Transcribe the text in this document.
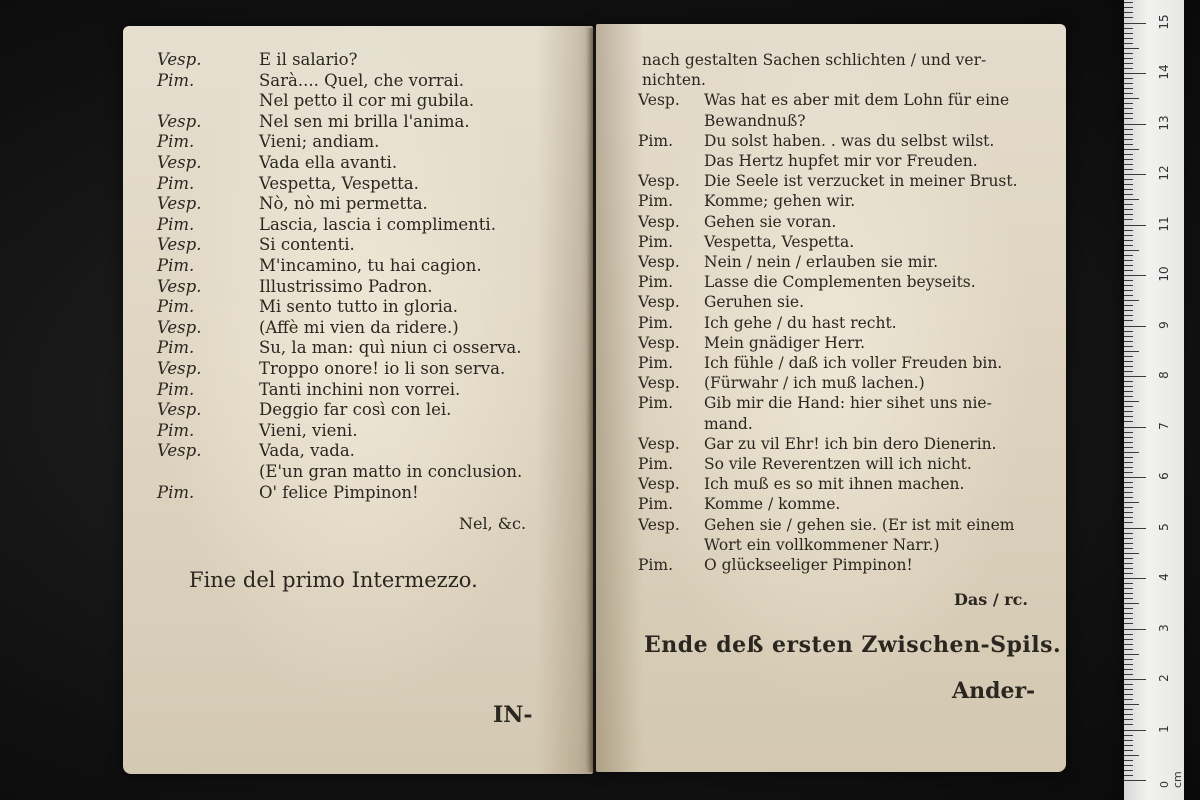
Vesp.	E il salario?
Pim.	Sarà.... Quel, che vorrai.
Nel petto il cor mi gubila.
Vesp.	Nel sen mi brilla l'anima.
Pim.	Vieni; andiam.
Vesp.	Vada ella avanti.
Pim.	Vespetta, Vespetta.
Vesp.	Nò, nò mi permetta.
Pim.	Lascia, lascia i complimenti.
Vesp.	Si contenti.
Pim.	M'incamino, tu hai cagion.
Vesp.	Illustrissimo Padron.
Pim.	Mi sento tutto in gloria.
Vesp.	(Affè mi vien da ridere.)
Pim.	Su, la man: quì niun ci osserva.
Vesp.	Troppo onore! io li son serva.
Pim.	Tanti inchini non vorrei.
Vesp.	Deggio far così con lei.
Pim.	Vieni, vieni.
Vesp.	Vada, vada.
(E'un gran matto in conclusion.
Pim.	O' felice Pimpinon!
Nel, &c.
Fine del primo Intermezzo.
IN-
nach gestalten Sachen schlichten / und ver-
nichten.
Vesp. Was hat es aber mit dem Lohn für eine
Bewandnuß?
Pim. Du solst haben. . was du selbst wilst.
Das Hertz hupfet mir vor Freuden.
Vesp. Die Seele ist verzucket in meiner Brust.
Pim. Komme; gehen wir.
Vesp. Gehen sie voran.
Pim. Vespetta, Vespetta.
Vesp. Nein / nein / erlauben sie mir.
Pim. Lasse die Complementen beyseits.
Vesp. Geruhen sie.
Pim. Ich gehe / du hast recht.
Vesp. Mein gnädiger Herr.
Pim. Ich fühle / daß ich voller Freuden bin.
Vesp. (Fürwahr / ich muß lachen.)
Pim. Gib mir die Hand: hier sihet uns nie-
mand.
Vesp. Gar zu vil Ehr! ich bin dero Dienerin.
Pim. So vile Reverentzen will ich nicht.
Vesp. Ich muß es so mit ihnen machen.
Pim. Komme / komme.
Vesp. Gehen sie / gehen sie. (Er ist mit einem
Wort ein vollkommener Narr.)
Pim. O glückseeliger Pimpinon!
Das / rc.
Ende deß ersten Zwischen-Spils.
Ander-
1
2
3
4
5
6
7
8
9
10
11
12
13
14
15
0 cm
